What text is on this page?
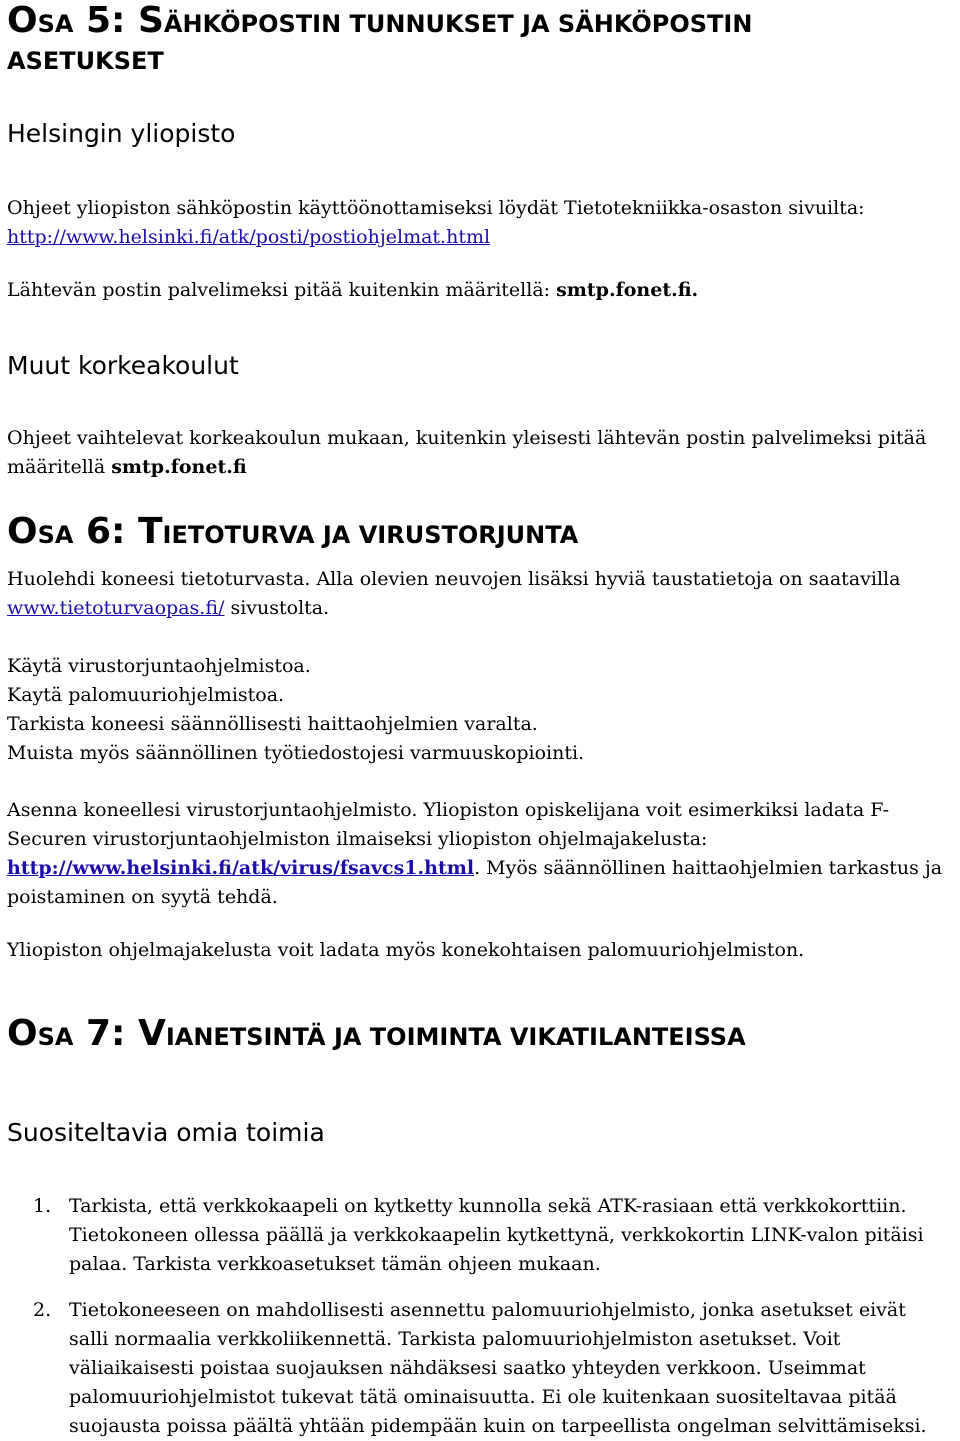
OSA 5: SÄHKÖPOSTIN TUNNUKSET JA SÄHKÖPOSTIN
ASETUKSET
Helsingin yliopisto
Ohjeet yliopiston sähköpostin käyttöönottamiseksi löydät Tietotekniikka-osaston sivuilta:
http://www.helsinki.fi/atk/posti/postiohjelmat.html
Lähtevän postin palvelimeksi pitää kuitenkin määritellä: smtp.fonet.fi.
Muut korkeakoulut
Ohjeet vaihtelevat korkeakoulun mukaan, kuitenkin yleisesti lähtevän postin palvelimeksi pitää määritellä smtp.fonet.fi
OSA 6: TIETOTURVA JA VIRUSTORJUNTA
Huolehdi koneesi tietoturvasta. Alla olevien neuvojen lisäksi hyviä taustatietoja on saatavilla
www.tietoturvaopas.fi/ sivustolta.
Käytä virustorjuntaohjelmistoa.
Kaytä palomuuriohjelmistoa.
Tarkista koneesi säännöllisesti haittaohjelmien varalta.
Muista myös säännöllinen työtiedostojesi varmuuskopiointi.
Asenna koneellesi virustorjuntaohjelmisto. Yliopiston opiskelijana voit esimerkiksi ladata F-
Securen virustorjuntaohjelmiston ilmaiseksi yliopiston ohjelmajakelusta:
http://www.helsinki.fi/atk/virus/fsavcs1.html. Myös säännöllinen haittaohjelmien tarkastus ja poistaminen on syytä tehdä.
Yliopiston ohjelmajakelusta voit ladata myös konekohtaisen palomuuriohjelmiston.
OSA 7: VIANETSINTÄ JA TOIMINTA VIKATILANTEISSA
Suositeltavia omia toimia
1. Tarkista, että verkkokaapeli on kytketty kunnolla sekä ATK-rasiaan että verkkokorttiin. Tietokoneen ollessa päällä ja verkkokaapelin kytkettynä, verkkokortin LINK-valon pitäisi palaa. Tarkista verkkoasetukset tämän ohjeen mukaan.
2. Tietokoneeseen on mahdollisesti asennettu palomuuriohjelmisto, jonka asetukset eivät salli normaalia verkkoliikennettä. Tarkista palomuuriohjelmiston asetukset. Voit väliaikaisesti poistaa suojauksen nähdäksesi saatko yhteyden verkkoon. Useimmat palomuuriohjelmistot tukevat tätä ominaisuutta. Ei ole kuitenkaan suositeltavaa pitää suojausta poissa päältä yhtään pidempään kuin on tarpeellista ongelman selvittämiseksi.
